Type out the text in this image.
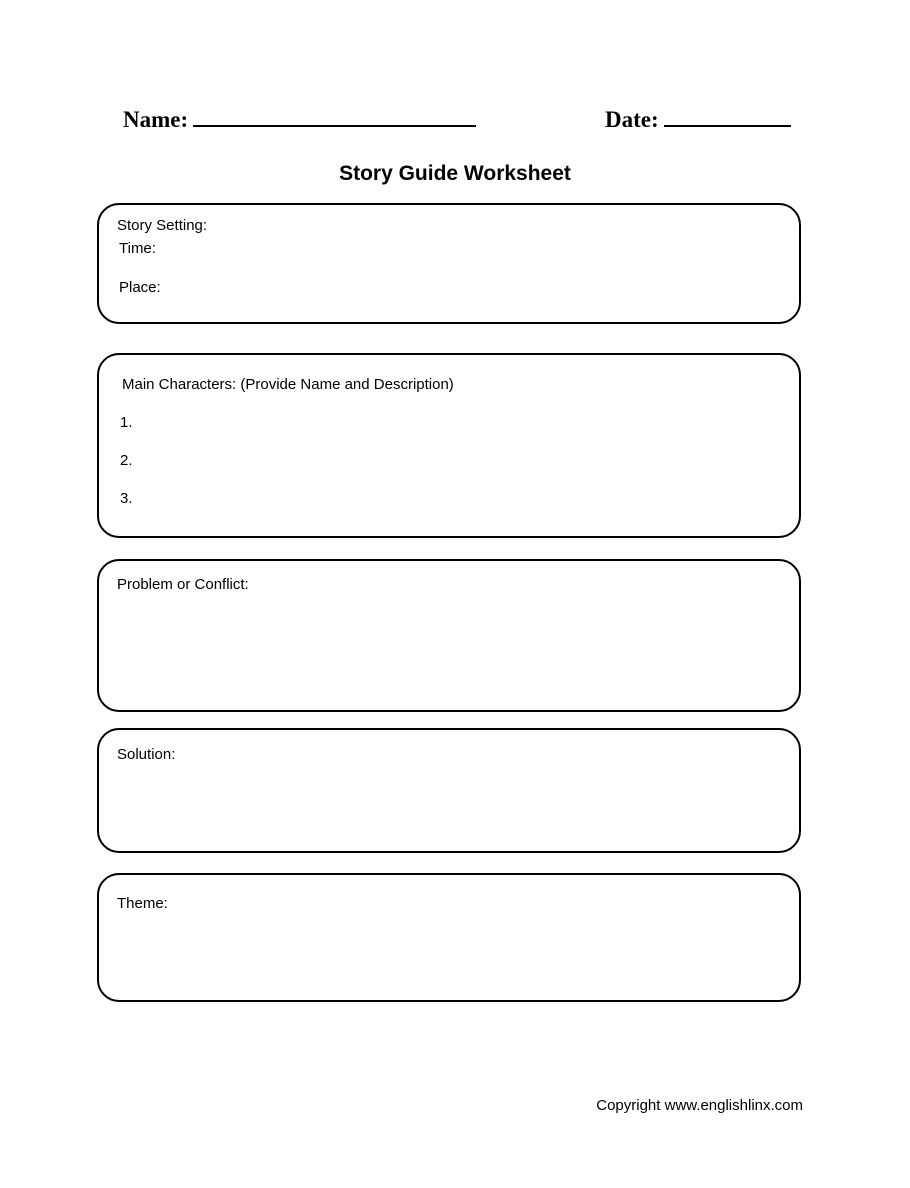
Name:	Date:
Story Guide Worksheet
Story Setting:
Time:
Place:
Main Characters: (Provide Name and Description)
1.
2.
3.
Problem or Conflict:
Solution:
Theme:
Copyright www.englishlinx.com
